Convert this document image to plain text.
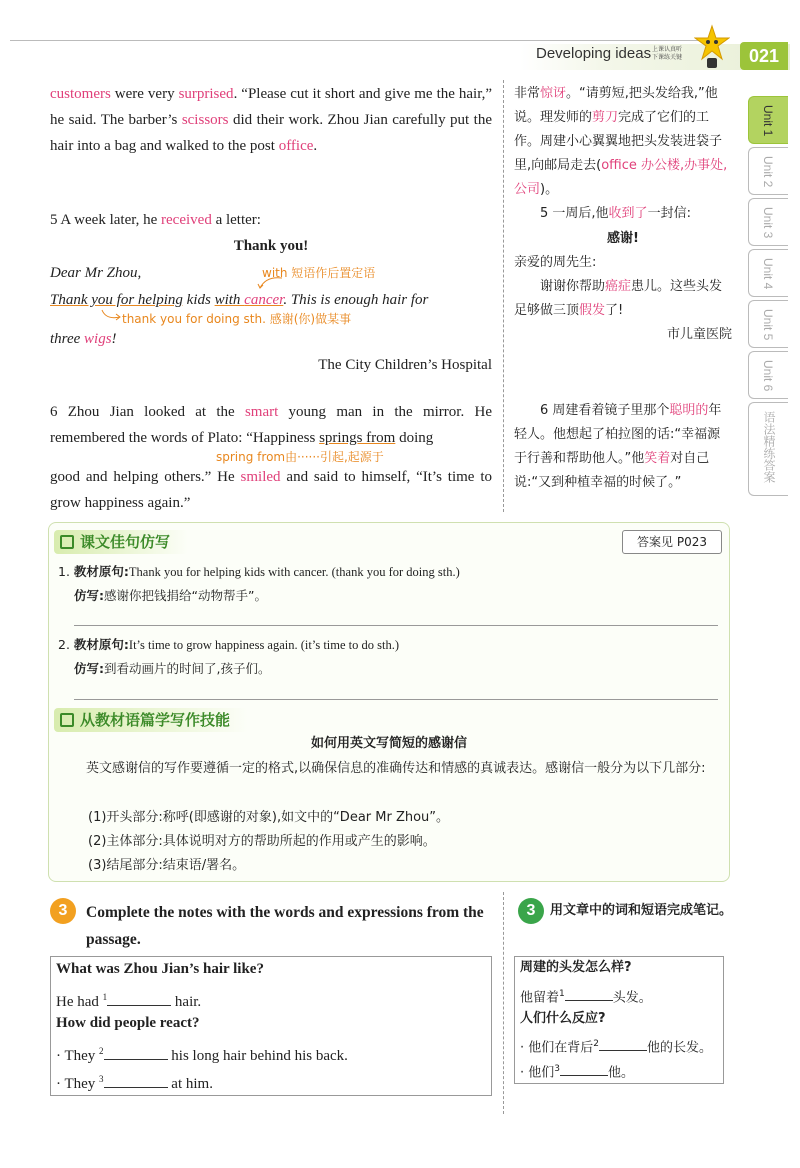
Developing ideas 上课认真听
下课练关键	021
Unit 1
Unit 2
Unit 3
Unit 4
Unit 5
Unit 6
语法精练答案
customers were very surprised. “Please cut it short and give me the hair,” he said. The barber’s scissors did their work. Zhou Jian carefully put the hair into a bag and walked to the post office.
5 A week later, he received a letter:
Thank you!
Dear Mr Zhou,	with 短语作后置定语
Thank you for helping kids with cancer. This is enough hair for
thank you for doing sth. 感谢(你)做某事
three wigs!
The City Children’s Hospital
6 Zhou Jian looked at the smart young man in the mirror. He remembered the words of Plato: “Happiness springs from doing
spring from由······引起,起源于
good and helping others.” He smiled and said to himself, “It’s time to grow happiness again.”
非常惊讶。“请剪短,把头发给我,”他说。理发师的剪刀完成了它们的工作。周建小心翼翼地把头发装进袋子里,向邮局走去(office 办公楼,办事处,公司)。
5 一周后,他收到了一封信:
感谢!
亲爱的周先生:
谢谢你帮助癌症患儿。这些头发足够做三顶假发了!
市儿童医院
6 周建看着镜子里那个聪明的年轻人。他想起了柏拉图的话:“幸福源于行善和帮助他人。”他笑着对自己说:“又到种植幸福的时候了。”
课文佳句仿写	答案见 P023
1. 教材原句:Thank you for helping kids with cancer. (thank you for doing sth.)
仿写:感谢你把钱捐给“动物帮手”。
2. 教材原句:It’s time to grow happiness again. (it’s time to do sth.)
仿写:到看动画片的时间了,孩子们。
从教材语篇学写作技能
如何用英文写简短的感谢信
英文感谢信的写作要遵循一定的格式,以确保信息的准确传达和情感的真诚表达。感谢信一般分为以下几部分:
(1)开头部分:称呼(即感谢的对象),如文中的“Dear Mr Zhou”。
(2)主体部分:具体说明对方的帮助所起的作用或产生的影响。
(3)结尾部分:结束语/署名。
3	Complete the notes with the words and expressions from the passage.
What was Zhou Jian’s hair like?
He had $^1$	hair.
How did people react?
· They $^2$	his long hair behind his back.
· They $^3$	at him.
3	用文章中的词和短语完成笔记。
周建的头发怎么样?
他留着$^1$	头发。
人们什么反应?
· 他们在背后$^2$	他的长发。
· 他们$^3$	他。
